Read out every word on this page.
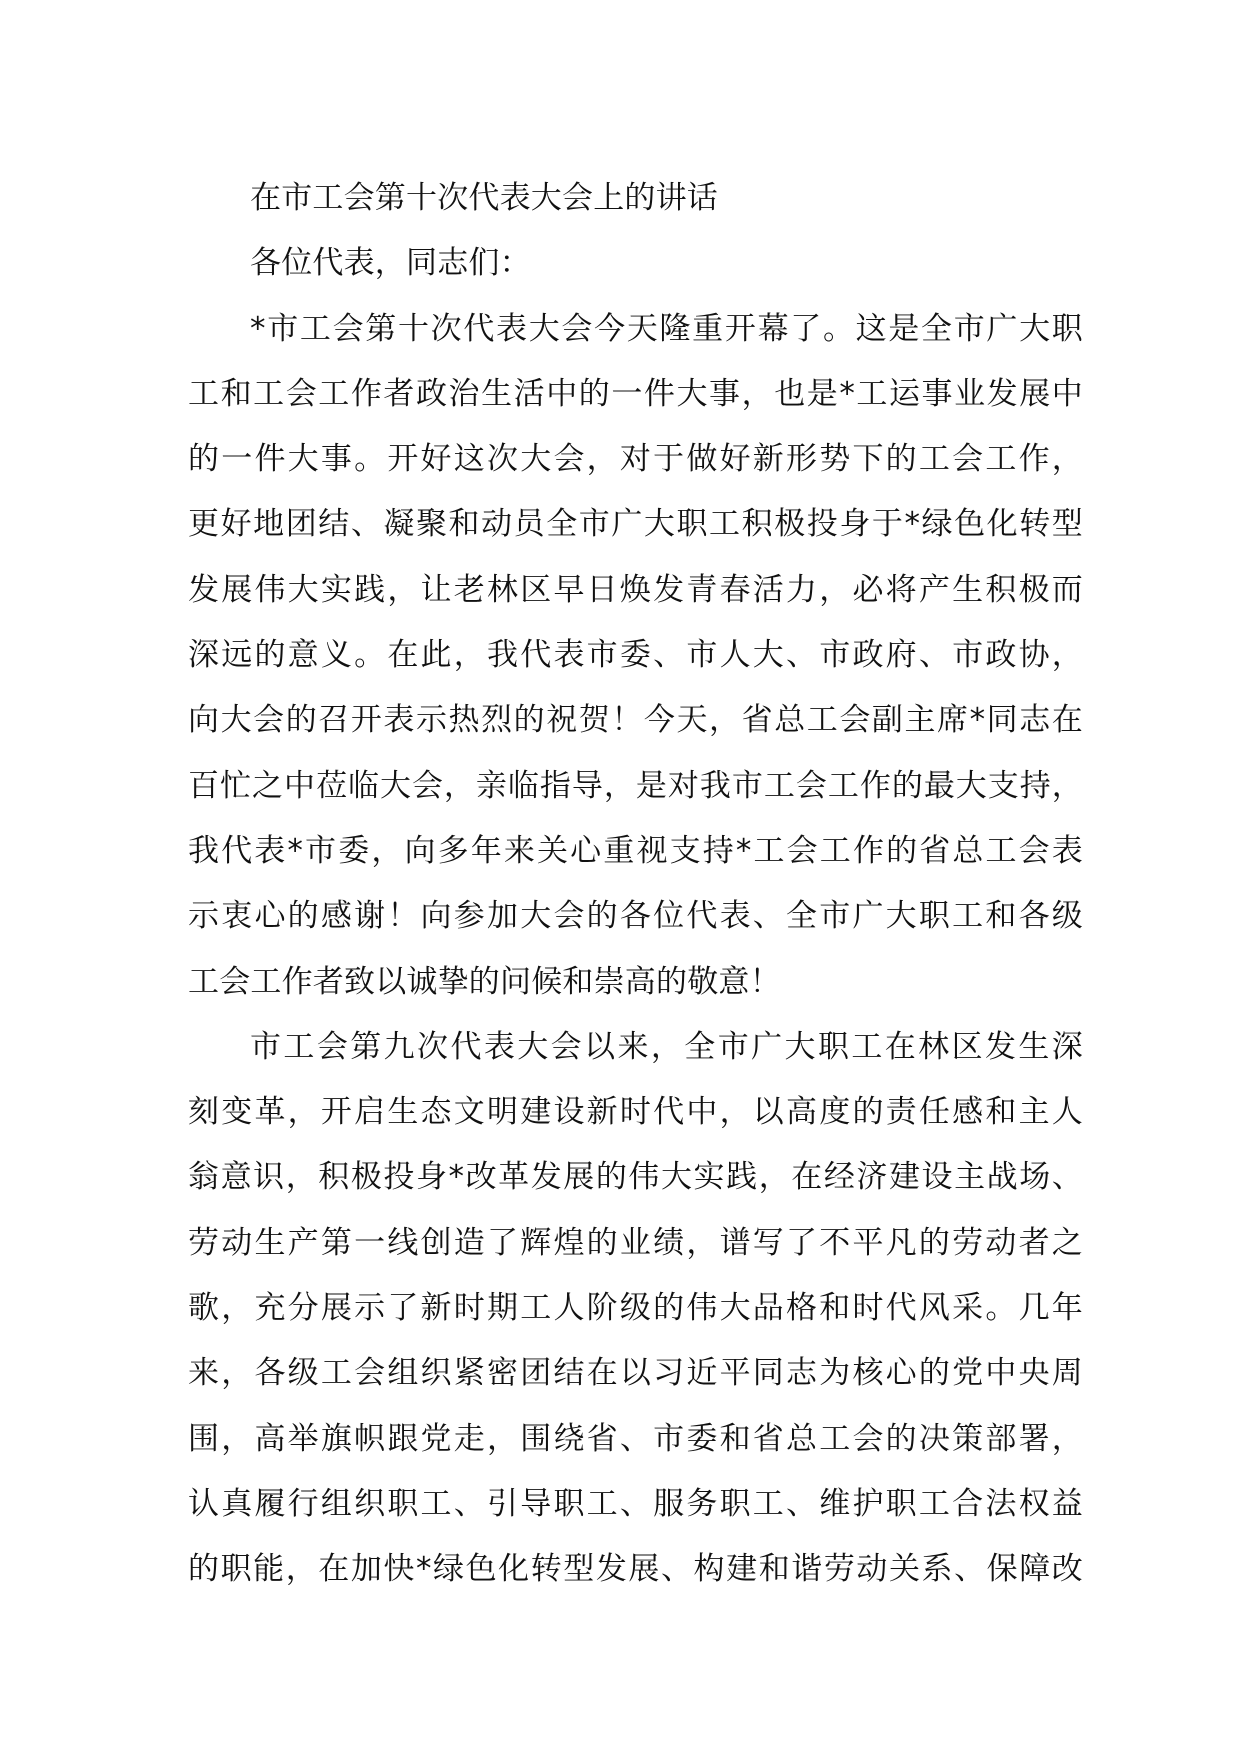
在市工会第十次代表大会上的讲话
各位代表，同志们：
*市工会第十次代表大会今天隆重开幕了。这是全市广大职
工和工会工作者政治生活中的一件大事，也是*工运事业发展中
的一件大事。开好这次大会，对于做好新形势下的工会工作，
更好地团结、凝聚和动员全市广大职工积极投身于*绿色化转型
发展伟大实践，让老林区早日焕发青春活力，必将产生积极而
深远的意义。在此，我代表市委、市人大、市政府、市政协，
向大会的召开表示热烈的祝贺！今天，省总工会副主席*同志在
百忙之中莅临大会，亲临指导，是对我市工会工作的最大支持，
我代表*市委，向多年来关心重视支持*工会工作的省总工会表
示衷心的感谢！向参加大会的各位代表、全市广大职工和各级
工会工作者致以诚挚的问候和崇高的敬意！
市工会第九次代表大会以来，全市广大职工在林区发生深
刻变革，开启生态文明建设新时代中，以高度的责任感和主人
翁意识，积极投身*改革发展的伟大实践，在经济建设主战场、
劳动生产第一线创造了辉煌的业绩，谱写了不平凡的劳动者之
歌，充分展示了新时期工人阶级的伟大品格和时代风采。几年
来，各级工会组织紧密团结在以习近平同志为核心的党中央周
围，高举旗帜跟党走，围绕省、市委和省总工会的决策部署，
认真履行组织职工、引导职工、服务职工、维护职工合法权益
的职能，在加快*绿色化转型发展、构建和谐劳动关系、保障改
